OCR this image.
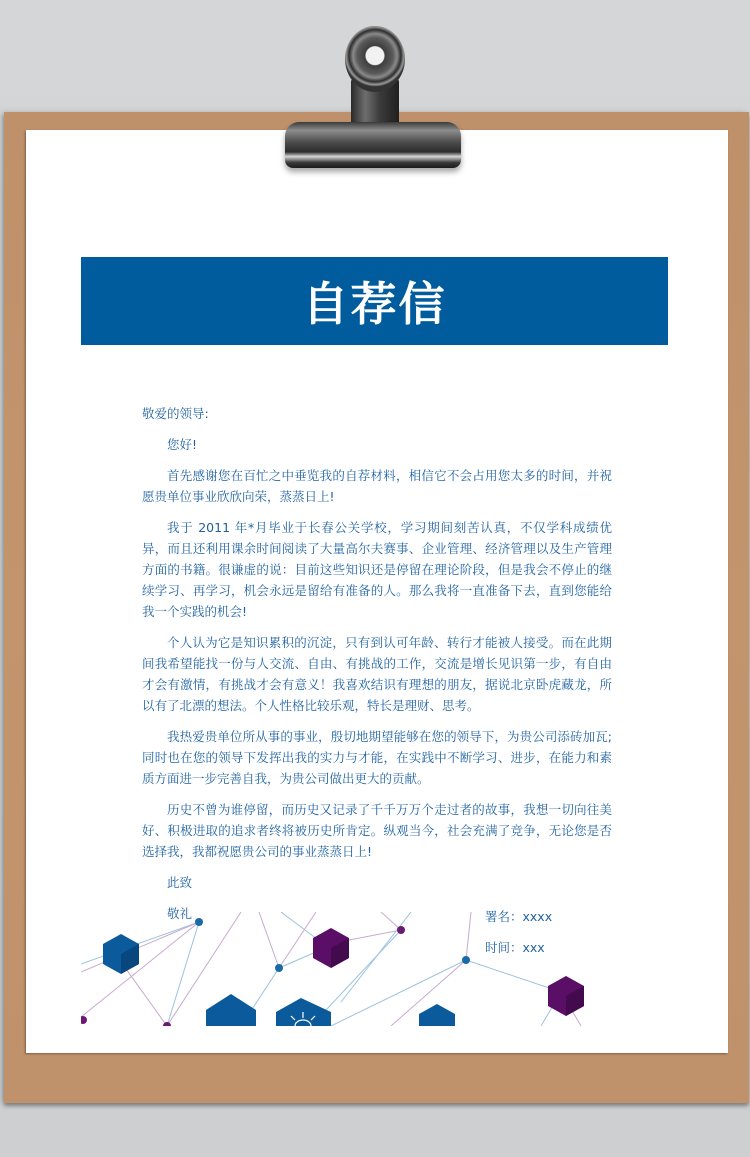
自荐信

敬爱的领导:

您好!

首先感谢您在百忙之中垂览我的自荐材料，相信它不会占用您太多的时间，并祝愿贵单位事业欣欣向荣，蒸蒸日上!

我于 2011 年*月毕业于长春公关学校，学习期间刻苦认真，不仅学科成绩优异，而且还利用课余时间阅读了大量高尔夫赛事、企业管理、经济管理以及生产管理方面的书籍。很谦虚的说：目前这些知识还是停留在理论阶段，但是我会不停止的继续学习、再学习，机会永远是留给有准备的人。那么我将一直准备下去，直到您能给我一个实践的机会!

个人认为它是知识累积的沉淀，只有到认可年龄、转行才能被人接受。而在此期间我希望能找一份与人交流、自由、有挑战的工作，交流是增长见识第一步，有自由才会有激情，有挑战才会有意义！我喜欢结识有理想的朋友，据说北京卧虎藏龙，所以有了北漂的想法。个人性格比较乐观，特长是理财、思考。

我热爱贵单位所从事的事业，殷切地期望能够在您的领导下，为贵公司添砖加瓦;同时也在您的领导下发挥出我的实力与才能，在实践中不断学习、进步，在能力和素质方面进一步完善自我，为贵公司做出更大的贡献。

历史不曾为谁停留，而历史又记录了千千万万个走过者的故事，我想一切向往美好、积极进取的追求者终将被历史所肯定。纵观当今，社会充满了竞争，无论您是否选择我，我都祝愿贵公司的事业蒸蒸日上!

此致

敬礼	署名：xxxx
时间：xxx
